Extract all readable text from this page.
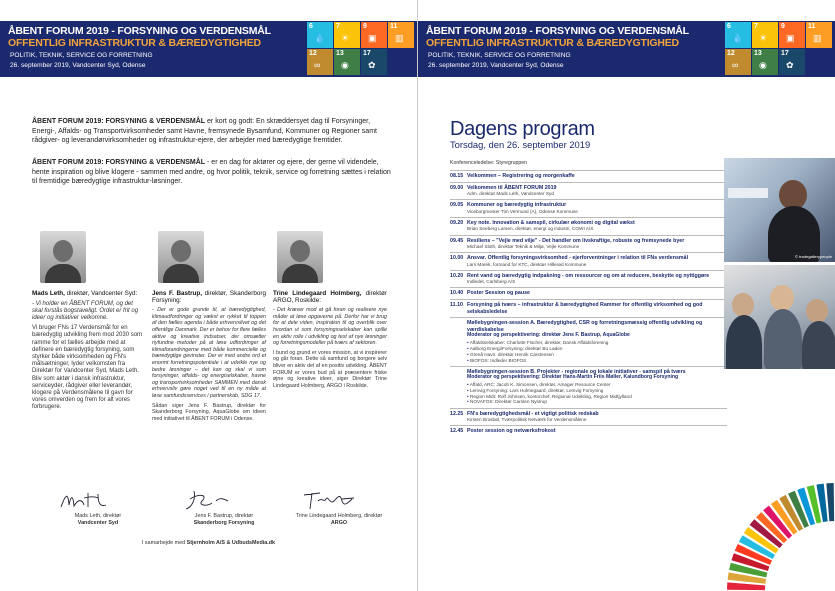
ÅBENT FORUM 2019 - FORSYNING OG VERDENSMÅL
OFFENTLIG INFRASTRUKTUR & BÆREDYGTIGHED
POLITIK, TEKNIK, SERVICE OG FORRETNING
26. september 2019, Vandcenter Syd, Odense
6
💧
7
☀
9
▣
11
▥
12
∞
13
◉
17
✿

ÅBENT FORUM 2019: FORSYNING & VERDENSMÅL er kort og godt: En skræddersyet dag til Forsyninger, Energi-, Affalds- og Transportvirksomheder samt Havne, fremsynede Bysamfund, Kommuner og Regioner samt rådgiver- og leverandørvirksomheder og infrastruktur-ejere, der arbejder med bæredygtige fremtider.

ÅBENT FORUM 2019: FORSYNING & VERDENSMÅL - er en dag for aktører og ejere, der gerne vil videndele, hente inspiration og blive klogere - sammen med andre, og hvor politik, teknik, service og forretning sættes i relation til fremtidige bæredygtige infrastruktur-løsninger.

Mads Leth, direktør, Vandcenter Syd:
- Vi holder en ÅBENT FORUM, og det skal forstås bogstaveligt. Ordet er frit og ideer og initiativer velkomne.
Vi bruger FNs 17 Verdensmål for en bæredygtig udvikling frem mod 2030 som ramme for et fælles arbejde med at definere en bæredygtig forsyning, som styrker både virksomheden og FN's målsætninger, lyder velkomsten fra Direktør for Vandcenter Syd, Mads Leth. Bliv som aktør i dansk infrastruktur, serviceyder, rådgiver eller leverandør, klogere på Verdensmålene til gavn for vores omverden og frem for alt vores forbrugere.
Jens F. Bastrup, direktør, Skanderborg Forsyning:
- Der er gode grunde til, at bæredygtighed, klimaudfordringer og vækst er rykket til toppen af den fælles agenda i både erhvervslivet og det offentlige Danmark. Der er behov for flere fælles aktive og kreative indsatser, der omsætter nyfundne metoder på at løse udfordringer af klimaforandringerne med både kommercielle og bæredygtige gevinster. Der er med andre ord et enormt forretningspotentiale i at udvikle nye og bedre løsninger – det kan og skal vi som forsyninger, affalds- og energiselskaber, havne og transportvirksomheder SAMMEN med dansk erhvervsliv gøre noget ved til en ny måde at løse samfundsservices i partnerskab, SDG 17.
Sådan siger Jens F. Bastrup, direktør for Skanderborg Forsyning, AquaGlobe om ideen med initiativet til ÅBENT FORUM i Odense.
Trine Lindegaard Holmberg, direktør ARGO, Roskilde:
- Det kræver mod at gå foran og realisere nye måder at løse opgaverne på. Derfor har vi brug for at dele viden, inspiration til og overblik over hvordan vi som forsyningsselskaber kan spille en aktiv rolle i udvikling og test af nye løsninger og forretningsmodeller på tværs af sektoren.
I bund og grund er vores mission, at vi inspirerer og går foran. Dette så samfund og borgere selv bliver en aktiv del af en positiv udvikling. ÅBENT FORUM er vores bud på at præsentere friske øjne og kreative ideer, siger Direktør Trine Lindegaard Holmberg, ARGO i Roskilde.
Mads Leth, direktør
Vandcenter Syd
Jens F. Bastrup, direktør
Skanderborg Forsyning
Trine Lindegaard Holmberg, direktør
ARGO
I samarbejde med Stjernholm A/S & UdbudsMedia.dk
ÅBENT FORUM 2019 - FORSYNING OG VERDENSMÅL
OFFENTLIG INFRASTRUKTUR & BÆREDYGTIGHED
POLITIK, TEKNIK, SERVICE OG FORRETNING
26. september 2019, Vandcenter Syd, Odense
6
💧
7
☀
9
▣
11
▥
12
∞
13
◉
17
✿
Dagens program
Torsdag, den 26. september 2019
Konferenceledelse: Styregruppen
08.15 Velkommen – Registrering og morgenkaffe
09.00 Velkommen til ÅBENT FORUM 2019
Adm. direktør Mads Leth, Vandcenter Syd
09.05 Kommuner og bæredygtig infrastruktur
Viceborgmester Tim Vermund (A), Odense Kommune
09.20 Key note. Innovation & samspil, cirkulær økonomi og digital vækst
Brian Seeberg Larsen, direktør, energi og industri, COWI A/S
09.45 Resiliens – "Vejle med vilje" - Det handler om livskraftige, robuste og fremsynede byer
Michael Sloth, direktør Teknik & Miljø, Vejle Kommune
10.00 Ansvar. Offentlig forsyningsvirksomhed - ejerforventninger i relation til FNs verdensmål
Lars Marek, formand for KTC, direktør Hillerød Kommune
10.20 Rent vand og bæredygtig indpakning - om ressourcer og om at reducere, beskytte og nyttiggøre
Indledet, Carlsberg A/S
10.40 Poster Session og pause
11.10 Forsyning på tværs – infrastruktur & bæredygtighed Rammer for offentlig virksomhed og god selskabsledelse
Møllebygningen-session A. Bæredygtighed, CSR og forretningsmæssig offentlig udvikling og værdiskabelse
Moderator og perspektivering: direktør Jens F. Bastrup, AquaGlobe
• Affaldsselskaber: Charlotte Fischer, direktør, Dansk Affaldsforening
• Aalborg Energi/Forsyning: direktør Bo Laden
• Grenå Havn: direktør Henrik Carstensen
• BIOFOS: Indleder BIOFOS
Møllebygningen-session B. Projekter - regionale og lokale initiativer - samspil på tværs
Moderator og perspektivering: Direktør Hans-Martin Friis Møller, Kalundborg Forsyning
• Affald, ARC: Jacob K. Simonsen, direktør, Amager Resource Center
• Lemvig Forsyning: Lars Holmegaard, direktør, Lemvig Forsyning
• Region Midt: Rolf Johnsen, kontorchef, Regional Udvikling, Region Midtjylland
• NOVAFOS: Direktør Carsten Nystrup
12.25 FN's bæredygtighedsmål - et vigtigt politisk redskab
Kirsten Brosbøl, Tværpolitisk Netværk for Verdensmålene
12.45 Poster session og netværksfrokost
© tradegallerypeople
